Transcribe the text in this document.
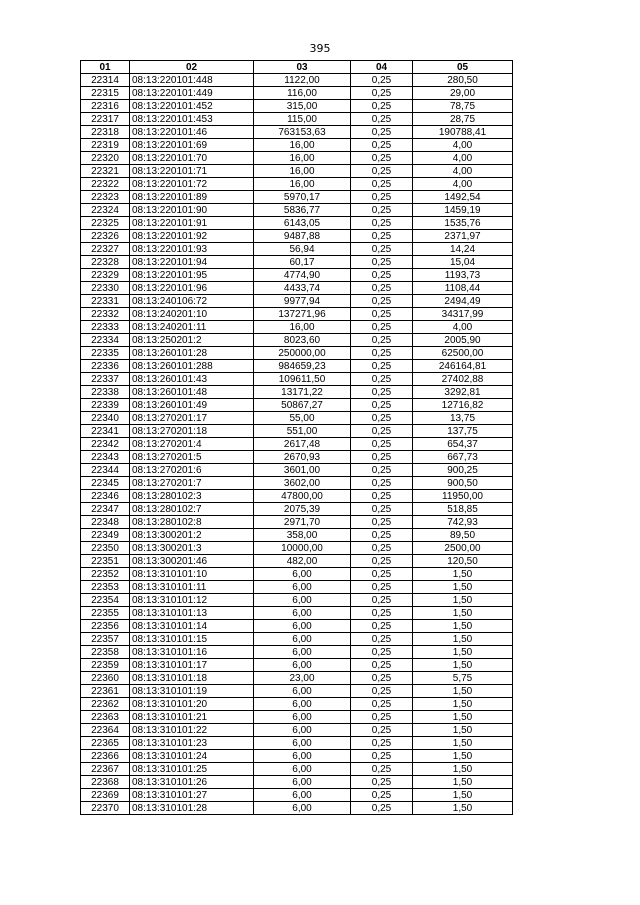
395
01	02	03	04	05
22314	08:13:220101:448	1122,00	0,25	280,50
22315	08:13:220101:449	116,00	0,25	29,00
22316	08:13:220101:452	315,00	0,25	78,75
22317	08:13:220101:453	115,00	0,25	28,75
22318	08:13:220101:46	763153,63	0,25	190788,41
22319	08:13:220101:69	16,00	0,25	4,00
22320	08:13:220101:70	16,00	0,25	4,00
22321	08:13:220101:71	16,00	0,25	4,00
22322	08:13:220101:72	16,00	0,25	4,00
22323	08:13:220101:89	5970,17	0,25	1492,54
22324	08:13:220101:90	5836,77	0,25	1459,19
22325	08:13:220101:91	6143,05	0,25	1535,76
22326	08:13:220101:92	9487,88	0,25	2371,97
22327	08:13:220101:93	56,94	0,25	14,24
22328	08:13:220101:94	60,17	0,25	15,04
22329	08:13:220101:95	4774,90	0,25	1193,73
22330	08:13:220101:96	4433,74	0,25	1108,44
22331	08:13:240106:72	9977,94	0,25	2494,49
22332	08:13:240201:10	137271,96	0,25	34317,99
22333	08:13:240201:11	16,00	0,25	4,00
22334	08:13:250201:2	8023,60	0,25	2005,90
22335	08:13:260101:28	250000,00	0,25	62500,00
22336	08:13:260101:288	984659,23	0,25	246164,81
22337	08:13:260101:43	109611,50	0,25	27402,88
22338	08:13:260101:48	13171,22	0,25	3292,81
22339	08:13:260101:49	50867,27	0,25	12716,82
22340	08:13:270201:17	55,00	0,25	13,75
22341	08:13:270201:18	551,00	0,25	137,75
22342	08:13:270201:4	2617,48	0,25	654,37
22343	08:13:270201:5	2670,93	0,25	667,73
22344	08:13:270201:6	3601,00	0,25	900,25
22345	08:13:270201:7	3602,00	0,25	900,50
22346	08:13:280102:3	47800,00	0,25	11950,00
22347	08:13:280102:7	2075,39	0,25	518,85
22348	08:13:280102:8	2971,70	0,25	742,93
22349	08:13:300201:2	358,00	0,25	89,50
22350	08:13:300201:3	10000,00	0,25	2500,00
22351	08:13:300201:46	482,00	0,25	120,50
22352	08:13:310101:10	6,00	0,25	1,50
22353	08:13:310101:11	6,00	0,25	1,50
22354	08:13:310101:12	6,00	0,25	1,50
22355	08:13:310101:13	6,00	0,25	1,50
22356	08:13:310101:14	6,00	0,25	1,50
22357	08:13:310101:15	6,00	0,25	1,50
22358	08:13:310101:16	6,00	0,25	1,50
22359	08:13:310101:17	6,00	0,25	1,50
22360	08:13:310101:18	23,00	0,25	5,75
22361	08:13:310101:19	6,00	0,25	1,50
22362	08:13:310101:20	6,00	0,25	1,50
22363	08:13:310101:21	6,00	0,25	1,50
22364	08:13:310101:22	6,00	0,25	1,50
22365	08:13:310101:23	6,00	0,25	1,50
22366	08:13:310101:24	6,00	0,25	1,50
22367	08:13:310101:25	6,00	0,25	1,50
22368	08:13:310101:26	6,00	0,25	1,50
22369	08:13:310101:27	6,00	0,25	1,50
22370	08:13:310101:28	6,00	0,25	1,50
